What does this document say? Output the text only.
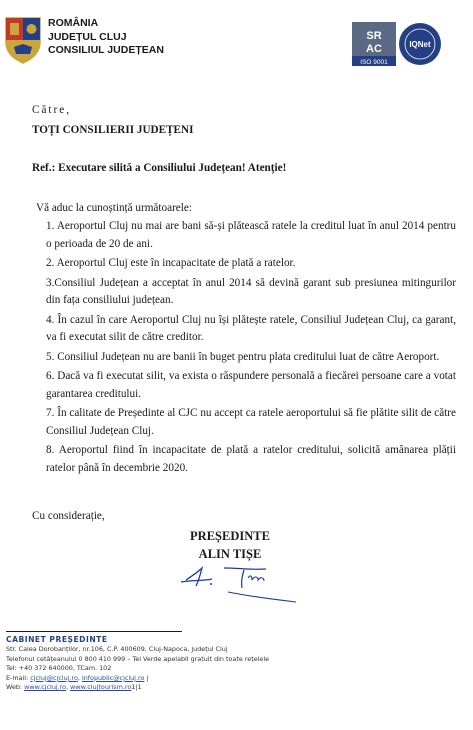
ROMÂNIA
JUDEȚUL CLUJ
CONSILIUL JUDEȚEAN
SR
AC
ISO 9001
IQNet
Către,
TOȚI CONSILIERII JUDEȚENI
Ref.: Executare silită a Consiliului Județean! Atenție!
Vă aduc la cunoștință următoarele:
1. Aeroportul Cluj nu mai are bani să-și plătească ratele la creditul luat în anul 2014 pentru o perioada de 20 de ani.
2. Aeroportul Cluj este în incapacitate de plată a ratelor.
3.Consiliul Județean a acceptat în anul 2014 să devină garant sub presiunea mitingurilor din fața consiliului județean.
4. În cazul în care Aeroportul Cluj nu își plătește ratele, Consiliul Județean Cluj, ca garant, va fi executat silit de către creditor.
5. Consiliul Județean nu are banii în buget pentru plata creditului luat de către Aeroport.
6. Dacă va fi executat silit, va exista o răspundere personală a fiecărei persoane care a votat garantarea creditului.
7. În calitate de Președinte al CJC nu accept ca ratele aeroportului să fie plătite silit de către Consiliul Județean Cluj.
8. Aeroportul fiind în incapacitate de plată a ratelor creditului, solicită amânarea plății ratelor până în decembrie 2020.
Cu considerație,
PREȘEDINTE
ALIN TIȘE
CABINET PREȘEDINTE
Str. Calea Dorobanților, nr.106, C.P. 400609, Cluj-Napoca, județul Cluj
Telefonul cetățeanului 0 800 410 999 – Tel Verde apelabil gratuit din toate rețelele
Tel: +40 372 640000, TCam. 102
E-mail: cjcluj@cjcluj.ro, infopublic@cjcluj.ro |
Web: www.cjcluj.ro, www.clujtourism.ro1|1
